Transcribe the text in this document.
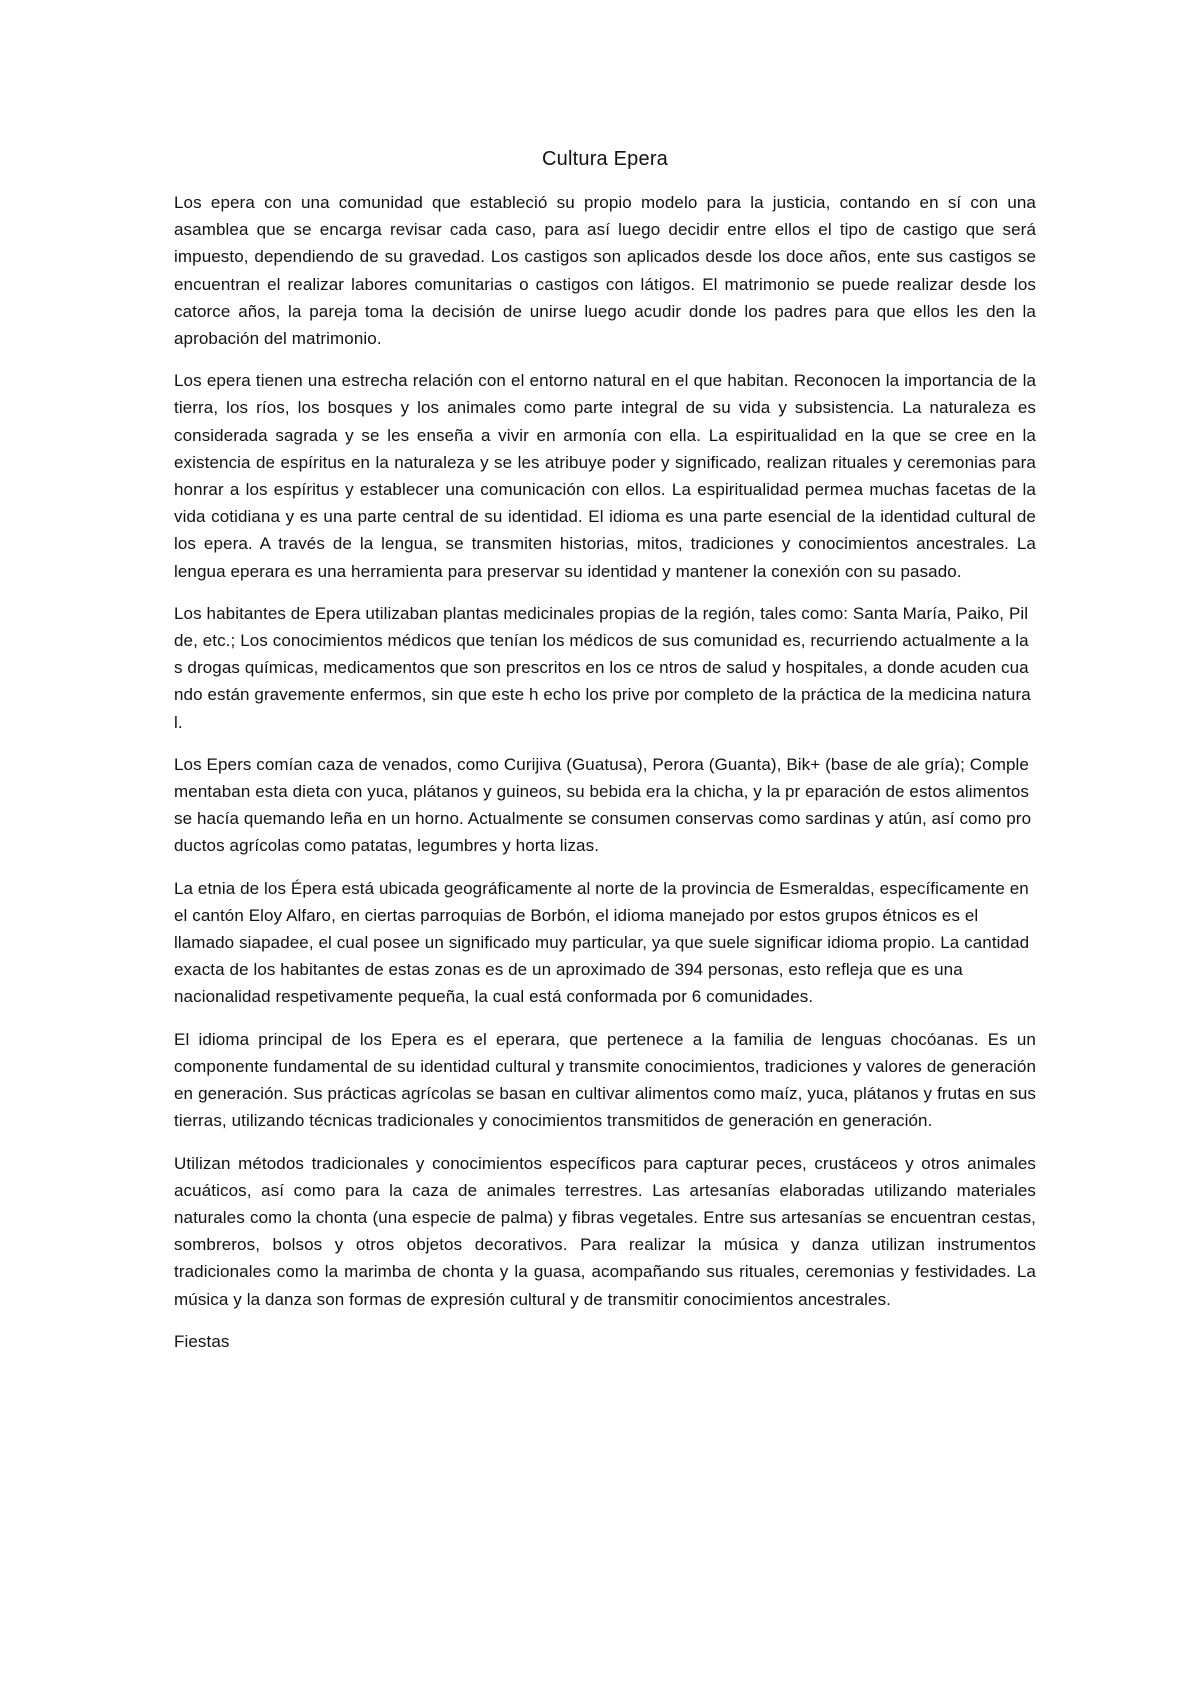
Cultura Epera

Los epera con una comunidad que estableció su propio modelo para la justicia, contando en sí con una asamblea que se encarga revisar cada caso, para así luego decidir entre ellos el tipo de castigo que será impuesto, dependiendo de su gravedad. Los castigos son aplicados desde los doce años, ente sus castigos se encuentran el realizar labores comunitarias o castigos con látigos. El matrimonio se puede realizar desde los catorce años, la pareja toma la decisión de unirse luego acudir donde los padres para que ellos les den la aprobación del matrimonio.

Los epera tienen una estrecha relación con el entorno natural en el que habitan. Reconocen la importancia de la tierra, los ríos, los bosques y los animales como parte integral de su vida y subsistencia. La naturaleza es considerada sagrada y se les enseña a vivir en armonía con ella. La espiritualidad en la que se cree en la existencia de espíritus en la naturaleza y se les atribuye poder y significado, realizan rituales y ceremonias para honrar a los espíritus y establecer una comunicación con ellos. La espiritualidad permea muchas facetas de la vida cotidiana y es una parte central de su identidad. El idioma es una parte esencial de la identidad cultural de los epera. A través de la lengua, se transmiten historias, mitos, tradiciones y conocimientos ancestrales. La lengua eperara es una herramienta para preservar su identidad y mantener la conexión con su pasado.

Los habitantes de Epera utilizaban plantas medicinales propias de la región, tales como: Santa María, Paiko, Pilde, etc.; Los conocimientos médicos que tenían los médicos de sus comunidad es, recurriendo actualmente a las drogas químicas, medicamentos que son prescritos en los ce ntros de salud y hospitales, a donde acuden cuando están gravemente enfermos, sin que este h echo los prive por completo de la práctica de la medicina natural.

Los Epers comían caza de venados, como Curijiva (Guatusa), Perora (Guanta), Bik+ (base de ale gría); Complementaban esta dieta con yuca, plátanos y guineos, su bebida era la chicha, y la pr eparación de estos alimentos se hacía quemando leña en un horno. Actualmente se consumen conservas como sardinas y atún, así como productos agrícolas como patatas, legumbres y horta lizas.

La etnia de los Épera está ubicada geográficamente al norte de la provincia de Esmeraldas, específicamente en el cantón Eloy Alfaro, en ciertas parroquias de Borbón, el idioma manejado por estos grupos étnicos es el llamado siapadee, el cual posee un significado muy particular, ya que suele significar idioma propio. La cantidad exacta de los habitantes de estas zonas es de un aproximado de 394 personas, esto refleja que es una nacionalidad respetivamente pequeña, la cual está conformada por 6 comunidades.

El idioma principal de los Epera es el eperara, que pertenece a la familia de lenguas chocóanas. Es un componente fundamental de su identidad cultural y transmite conocimientos, tradiciones y valores de generación en generación. Sus prácticas agrícolas se basan en cultivar alimentos como maíz, yuca, plátanos y frutas en sus tierras, utilizando técnicas tradicionales y conocimientos transmitidos de generación en generación.

Utilizan métodos tradicionales y conocimientos específicos para capturar peces, crustáceos y otros animales acuáticos, así como para la caza de animales terrestres. Las artesanías elaboradas utilizando materiales naturales como la chonta (una especie de palma) y fibras vegetales. Entre sus artesanías se encuentran cestas, sombreros, bolsos y otros objetos decorativos. Para realizar la música y danza utilizan instrumentos tradicionales como la marimba de chonta y la guasa, acompañando sus rituales, ceremonias y festividades. La música y la danza son formas de expresión cultural y de transmitir conocimientos ancestrales.

Fiestas
